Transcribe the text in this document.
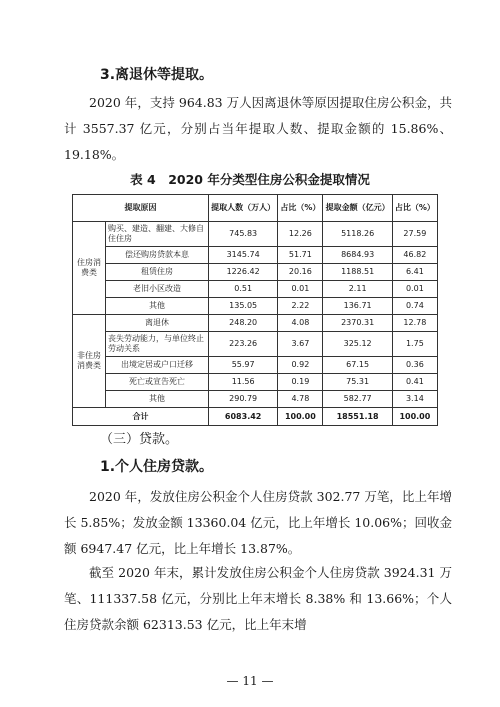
3.离退休等提取。
2020 年，支持 964.83 万人因离退休等原因提取住房公积金，共计 3557.37 亿元，分别占当年提取人数、提取金额的 15.86%、19.18%。
表 4　2020 年分类型住房公积金提取情况
提取原因		提取人数（万人）	占比（%）	提取金额（亿元）	占比（%）
住房消费类	购买、建造、翻建、大修自住住房	745.83	12.26	5118.26	27.59
	偿还购房贷款本息	3145.74	51.71	8684.93	46.82
	租赁住房	1226.42	20.16	1188.51	6.41
	老旧小区改造	0.51	0.01	2.11	0.01
	其他	135.05	2.22	136.71	0.74
非住房消费类	离退休	248.20	4.08	2370.31	12.78
	丧失劳动能力，与单位终止劳动关系	223.26	3.67	325.12	1.75
	出境定居或户口迁移	55.97	0.92	67.15	0.36
	死亡或宣告死亡	11.56	0.19	75.31	0.41
	其他	290.79	4.78	582.77	3.14
合计		6083.42	100.00	18551.18	100.00
（三）贷款。
1.个人住房贷款。
2020 年，发放住房公积金个人住房贷款 302.77 万笔，比上年增长 5.85%；发放金额 13360.04 亿元，比上年增长 10.06%；回收金额 6947.47 亿元，比上年增长 13.87%。
截至 2020 年末，累计发放住房公积金个人住房贷款 3924.31 万笔、111337.58 亿元，分别比上年末增长 8.38% 和 13.66%；个人住房贷款余额 62313.53 亿元，比上年末增
— 11 —
